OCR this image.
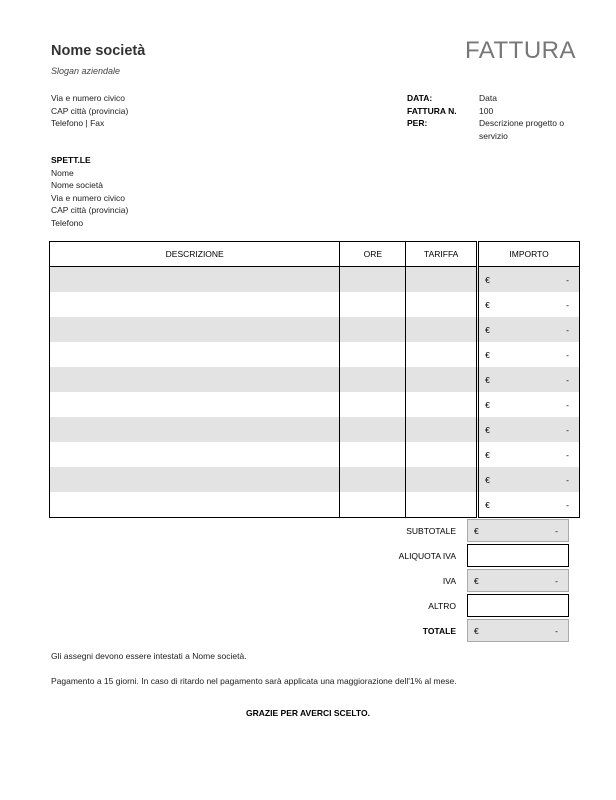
Nome società
Slogan aziendale
FATTURA
Via e numero civico
CAP città (provincia)
Telefono | Fax
DATA:	Data
FATTURA N.	100
PER:	Descrizione progetto o servizio
SPETT.LE
Nome
Nome società
Via e numero civico
CAP città (provincia)
Telefono
DESCRIZIONE	ORE	TARIFFA	IMPORTO

			€ -

			€ -

			€ -

			€ -

			€ -

			€ -

			€ -

			€ -

			€ -

			€ -
SUBTOTALE	€	-
ALIQUOTA IVA
IVA	€	-
ALTRO
TOTALE	€	-
Gli assegni devono essere intestati a Nome società.
Pagamento a 15 giorni. In caso di ritardo nel pagamento sarà applicata una maggiorazione dell'1% al mese.
GRAZIE PER AVERCI SCELTO.
